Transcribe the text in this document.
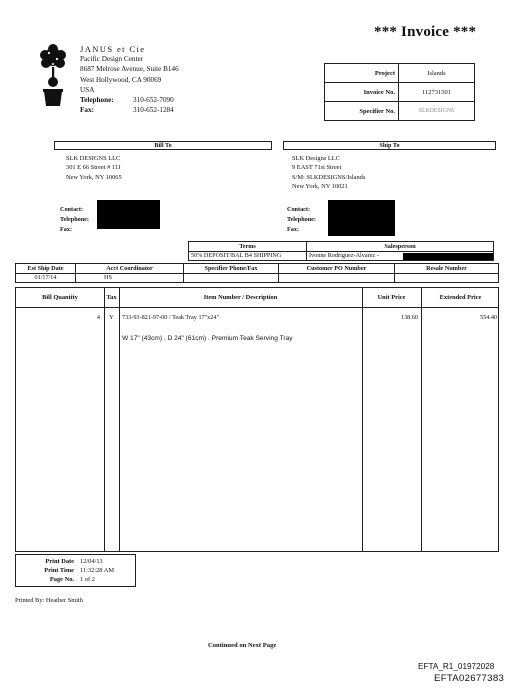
*** Invoice ***
JANUS et Cie
Pacific Design Center
8687 Melrose Avenue, Suite B146
West Hollywood, CA 90069
USA
Telephone:	310-652-7090
Fax:	310-652-1284
Project	Islands
Invoice No.	112731501
Specifier No.	SLKDESIGNS
Bill To	Ship To
SLK DESIGNS LLC
301 E 66 Street # 11J
New York, NY 10065
SLK Designs LLC
9 EAST 71st Street
S/M: SLKDESIGNS/Islands
New York, NY 10021
Contact:
Telephone:
Fax:
Contact:
Telephone:
Fax:
Terms	Salesperson
50% DEPOSIT/BAL B4 SHIPPING	Ivonne Rodriguez-Alvarez -
Est Ship Date	Acct Coordinator	Specifier Phone/Fax	Customer PO Number	Resale Number
01/17/14	HS			
Bill Quantity	Tax	Item Number / Description	Unit Price	Extended Price
4	Y	733-93-821-97-00 / Teak Tray 17"x24"	138.60	554.40
W 17" (43cm) . D 24" (61cm) . Premium Teak Serving Tray
Print Date 12/04/13
Print Time 11:32:28 AM
Page No. 1 of 2
Printed By: Heather Smith
Continued on Next Page
EFTA_R1_01972028
EFTA02677383
